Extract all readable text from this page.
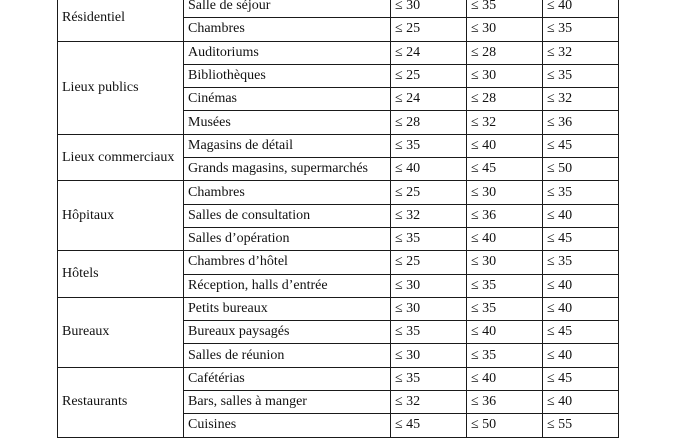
Résidentiel	Salle de séjour	≤ 30	≤ 35	≤ 40
	Chambres	≤ 25	≤ 30	≤ 35
Lieux publics	Auditoriums	≤ 24	≤ 28	≤ 32
	Bibliothèques	≤ 25	≤ 30	≤ 35
	Cinémas	≤ 24	≤ 28	≤ 32
	Musées	≤ 28	≤ 32	≤ 36
Lieux commerciaux	Magasins de détail	≤ 35	≤ 40	≤ 45
	Grands magasins, supermarchés	≤ 40	≤ 45	≤ 50
Hôpitaux	Chambres	≤ 25	≤ 30	≤ 35
	Salles de consultation	≤ 32	≤ 36	≤ 40
	Salles d’opération	≤ 35	≤ 40	≤ 45
Hôtels	Chambres d’hôtel	≤ 25	≤ 30	≤ 35
	Réception, halls d’entrée	≤ 30	≤ 35	≤ 40
Bureaux	Petits bureaux	≤ 30	≤ 35	≤ 40
	Bureaux paysagés	≤ 35	≤ 40	≤ 45
	Salles de réunion	≤ 30	≤ 35	≤ 40
Restaurants	Cafétérias	≤ 35	≤ 40	≤ 45
	Bars, salles à manger	≤ 32	≤ 36	≤ 40
	Cuisines	≤ 45	≤ 50	≤ 55
